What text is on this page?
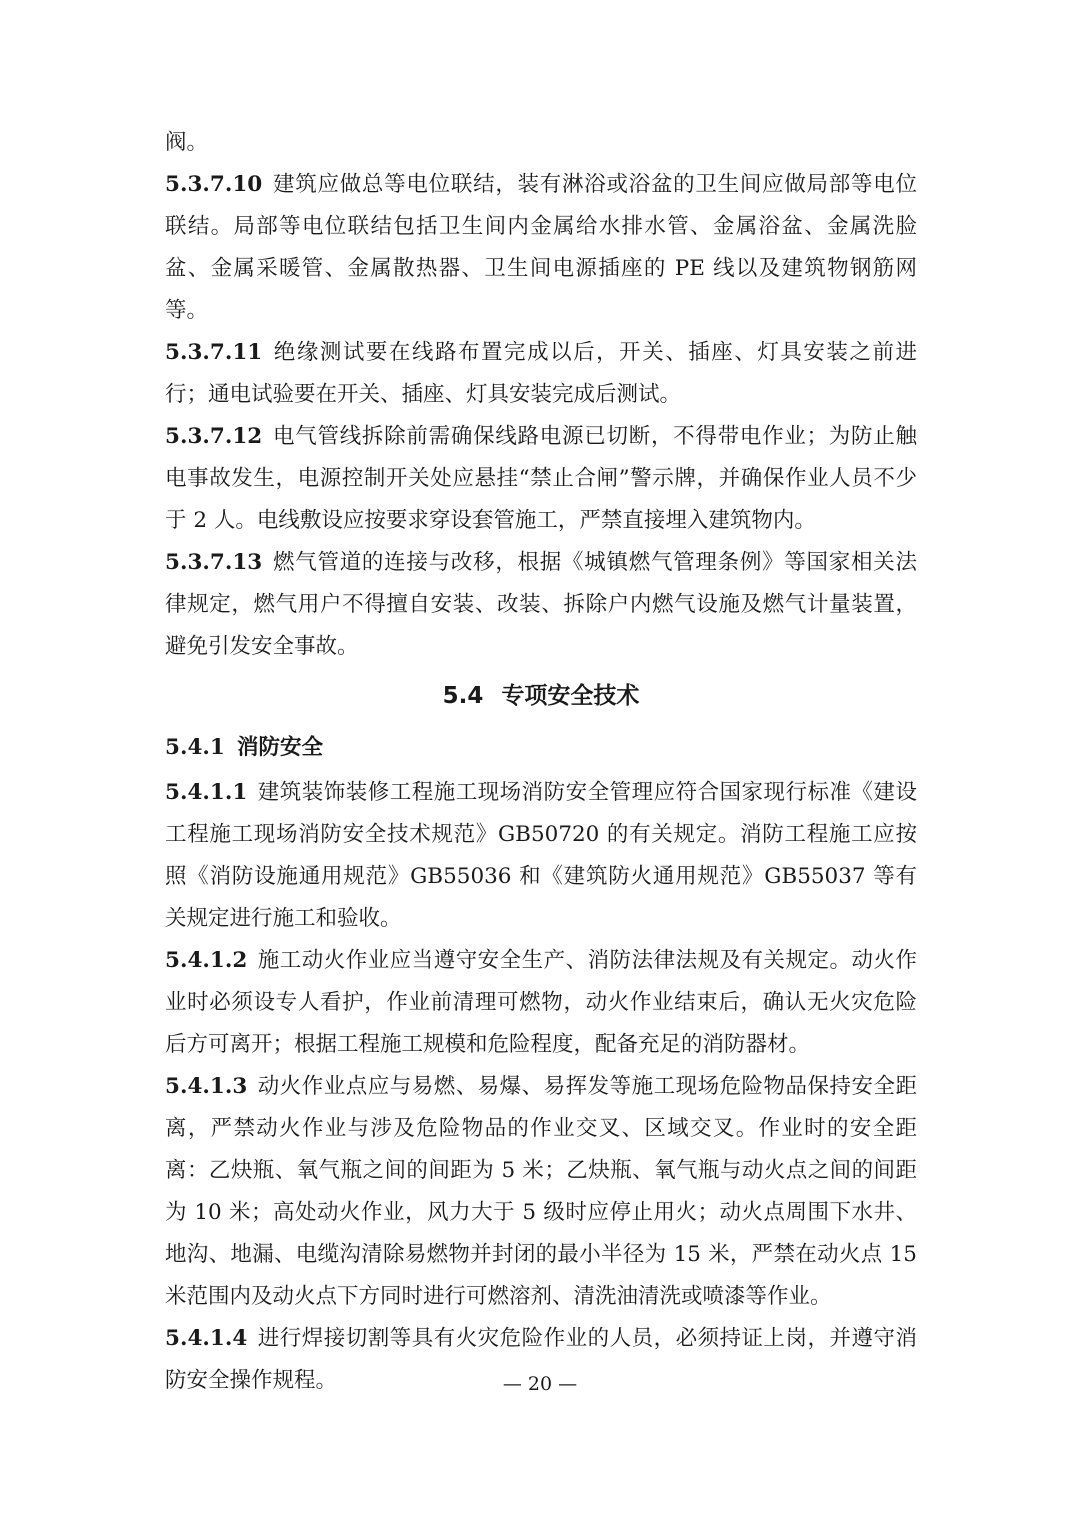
阀。

5.3.7.10 建筑应做总等电位联结，装有淋浴或浴盆的卫生间应做局部等电位联结。局部等电位联结包括卫生间内金属给水排水管、金属浴盆、金属洗脸盆、金属采暖管、金属散热器、卫生间电源插座的 PE 线以及建筑物钢筋网等。

5.3.7.11 绝缘测试要在线路布置完成以后，开关、插座、灯具安装之前进行；通电试验要在开关、插座、灯具安装完成后测试。

5.3.7.12 电气管线拆除前需确保线路电源已切断，不得带电作业；为防止触电事故发生，电源控制开关处应悬挂“禁止合闸”警示牌，并确保作业人员不少于 2 人。电线敷设应按要求穿设套管施工，严禁直接埋入建筑物内。

5.3.7.13 燃气管道的连接与改移，根据《城镇燃气管理条例》等国家相关法律规定，燃气用户不得擅自安装、改装、拆除户内燃气设施及燃气计量装置，避免引发安全事故。

5.4 专项安全技术
5.4.1 消防安全

5.4.1.1 建筑装饰装修工程施工现场消防安全管理应符合国家现行标准《建设工程施工现场消防安全技术规范》GB50720 的有关规定。消防工程施工应按照《消防设施通用规范》GB55036 和《建筑防火通用规范》GB55037 等有关规定进行施工和验收。

5.4.1.2 施工动火作业应当遵守安全生产、消防法律法规及有关规定。动火作业时必须设专人看护，作业前清理可燃物，动火作业结束后，确认无火灾危险后方可离开；根据工程施工规模和危险程度，配备充足的消防器材。

5.4.1.3 动火作业点应与易燃、易爆、易挥发等施工现场危险物品保持安全距离，严禁动火作业与涉及危险物品的作业交叉、区域交叉。作业时的安全距离：乙炔瓶、氧气瓶之间的间距为 5 米；乙炔瓶、氧气瓶与动火点之间的间距为 10 米；高处动火作业，风力大于 5 级时应停止用火；动火点周围下水井、地沟、地漏、电缆沟清除易燃物并封闭的最小半径为 15 米，严禁在动火点 15 米范围内及动火点下方同时进行可燃溶剂、清洗油清洗或喷漆等作业。

5.4.1.4 进行焊接切割等具有火灾危险作业的人员，必须持证上岗，并遵守消防安全操作规程。	— 20 —
